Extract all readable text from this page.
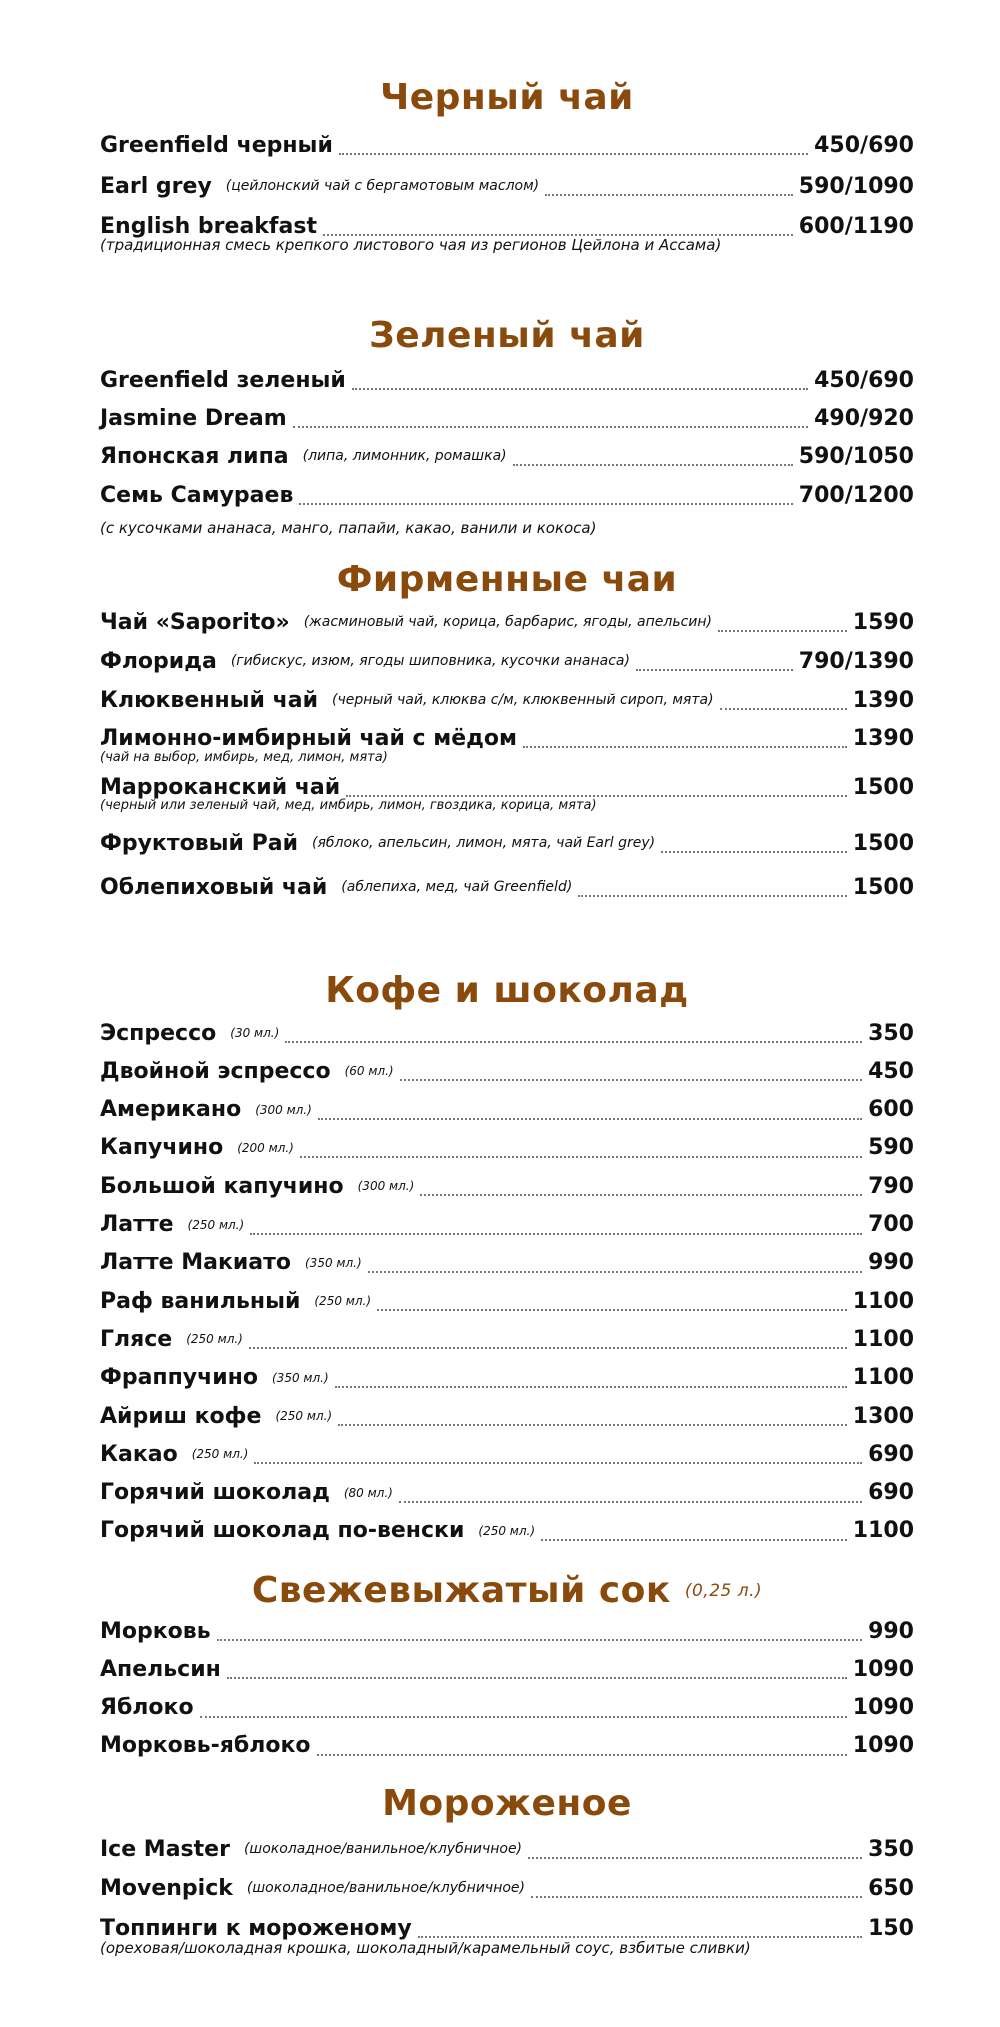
Черный чай
Greenfield черный	450/690
Earl grey (цейлонский чай с бергамотовым маслом)	590/1090
English breakfast	600/1190
(традиционная смесь крепкого листового чая из регионов Цейлона и Ассама)
Зеленый чай
Greenfield зеленый	450/690
Jasmine Dream	490/920
Японская липа (липа, лимонник, ромашка)	590/1050
Семь Самураев	700/1200
(с кусочками ананаса, манго, папайи, какао, ванили и кокоса)
Фирменные чаи
Чай «Saporito» (жасминовый чай, корица, барбарис, ягоды, апельсин)	1590
Флорида (гибискус, изюм, ягоды шиповника, кусочки ананаса)	790/1390
Клюквенный чай (черный чай, клюква с/м, клюквенный сироп, мята)	1390
Лимонно-имбирный чай с мёдом	1390
(чай на выбор, имбирь, мед, лимон, мята)
Марроканский чай	1500
(черный или зеленый чай, мед, имбирь, лимон, гвоздика, корица, мята)
Фруктовый Рай (яблоко, апельсин, лимон, мята, чай Earl grey)	1500
Облепиховый чай (аблепиха, мед, чай Greenfield)	1500
Кофе и шоколад
Эспрессо (30 мл.)	350
Двойной эспрессо (60 мл.)	450
Американо (300 мл.)	600
Капучино (200 мл.)	590
Большой капучино (300 мл.)	790
Латте (250 мл.)	700
Латте Макиато (350 мл.)	990
Раф ванильный (250 мл.)	1100
Глясе (250 мл.)	1100
Фраппучино (350 мл.)	1100
Айриш кофе (250 мл.)	1300
Какао (250 мл.)	690
Горячий шоколад (80 мл.)	690
Горячий шоколад по-венски (250 мл.)	1100
Свежевыжатый сок (0,25 л.)
Морковь	990
Апельсин	1090
Яблоко	1090
Морковь-яблоко	1090
Мороженое
Ice Master (шоколадное/ванильное/клубничное)	350
Movenpick (шоколадное/ванильное/клубничное)	650
Топпинги к мороженому	150
(ореховая/шоколадная крошка, шоколадный/карамельный соус, взбитые сливки)
